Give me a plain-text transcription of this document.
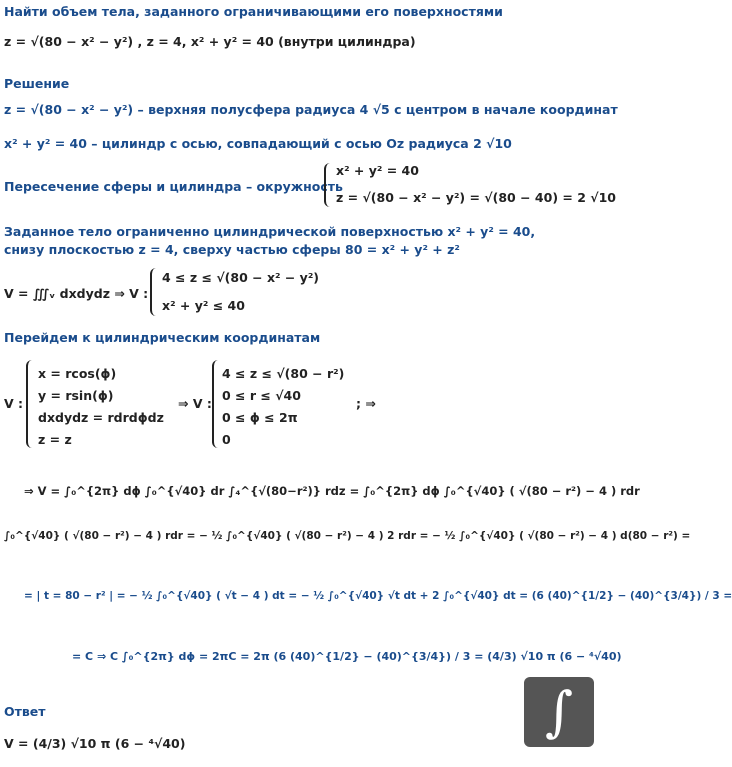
Найти объем тела, заданного ограничивающими его поверхностями
z = √(80 − x² − y²) , z = 4, x² + y² = 40 (внутри цилиндра)
Решение
z = √(80 − x² − y²) – верхняя полусфера радиуса 4 √5 с центром в начале координат
x² + y² = 40 – цилиндр с осью, совпадающий с осью Oz радиуса 2 √10
Пересечение сферы и цилиндра – окружность
x² + y² = 40
z = √(80 − x² − y²) = √(80 − 40) = 2 √10
Заданное тело ограниченно цилиндрической поверхностью x² + y² = 40,
снизу плоскостью z = 4, сверху частью сферы 80 = x² + y² + z²
V = ∭ᵥ dxdydz ⇒ V :
4 ≤ z ≤ √(80 − x² − y²)
x² + y² ≤ 40
Перейдем к цилиндрическим координатам
V :
x = rcos(ϕ)
y = rsin(ϕ)
dxdydz = rdrdϕdz
z = z
⇒ V :
4 ≤ z ≤ √(80 − r²)
0 ≤ r ≤ √40
0 ≤ ϕ ≤ 2π
0
; ⇒
⇒ V = ∫₀^{2π} dϕ ∫₀^{√40} dr ∫₄^{√(80−r²)} rdz = ∫₀^{2π} dϕ ∫₀^{√40} ( √(80 − r²) − 4 ) rdr
∫₀^{√40} ( √(80 − r²) − 4 ) rdr = − ½ ∫₀^{√40} ( √(80 − r²) − 4 ) 2 rdr = − ½ ∫₀^{√40} ( √(80 − r²) − 4 ) d(80 − r²) =
= | t = 80 − r² | = − ½ ∫₀^{√40} ( √t − 4 ) dt = − ½ ∫₀^{√40} √t dt + 2 ∫₀^{√40} dt = (6 (40)^{1/2} − (40)^{3/4}) / 3 =
= C ⇒ C ∫₀^{2π} dϕ = 2πC = 2π (6 (40)^{1/2} − (40)^{3/4}) / 3 = (4/3) √10 π (6 − ⁴√40)
Ответ
V = (4/3) √10 π (6 − ⁴√40)
∫
